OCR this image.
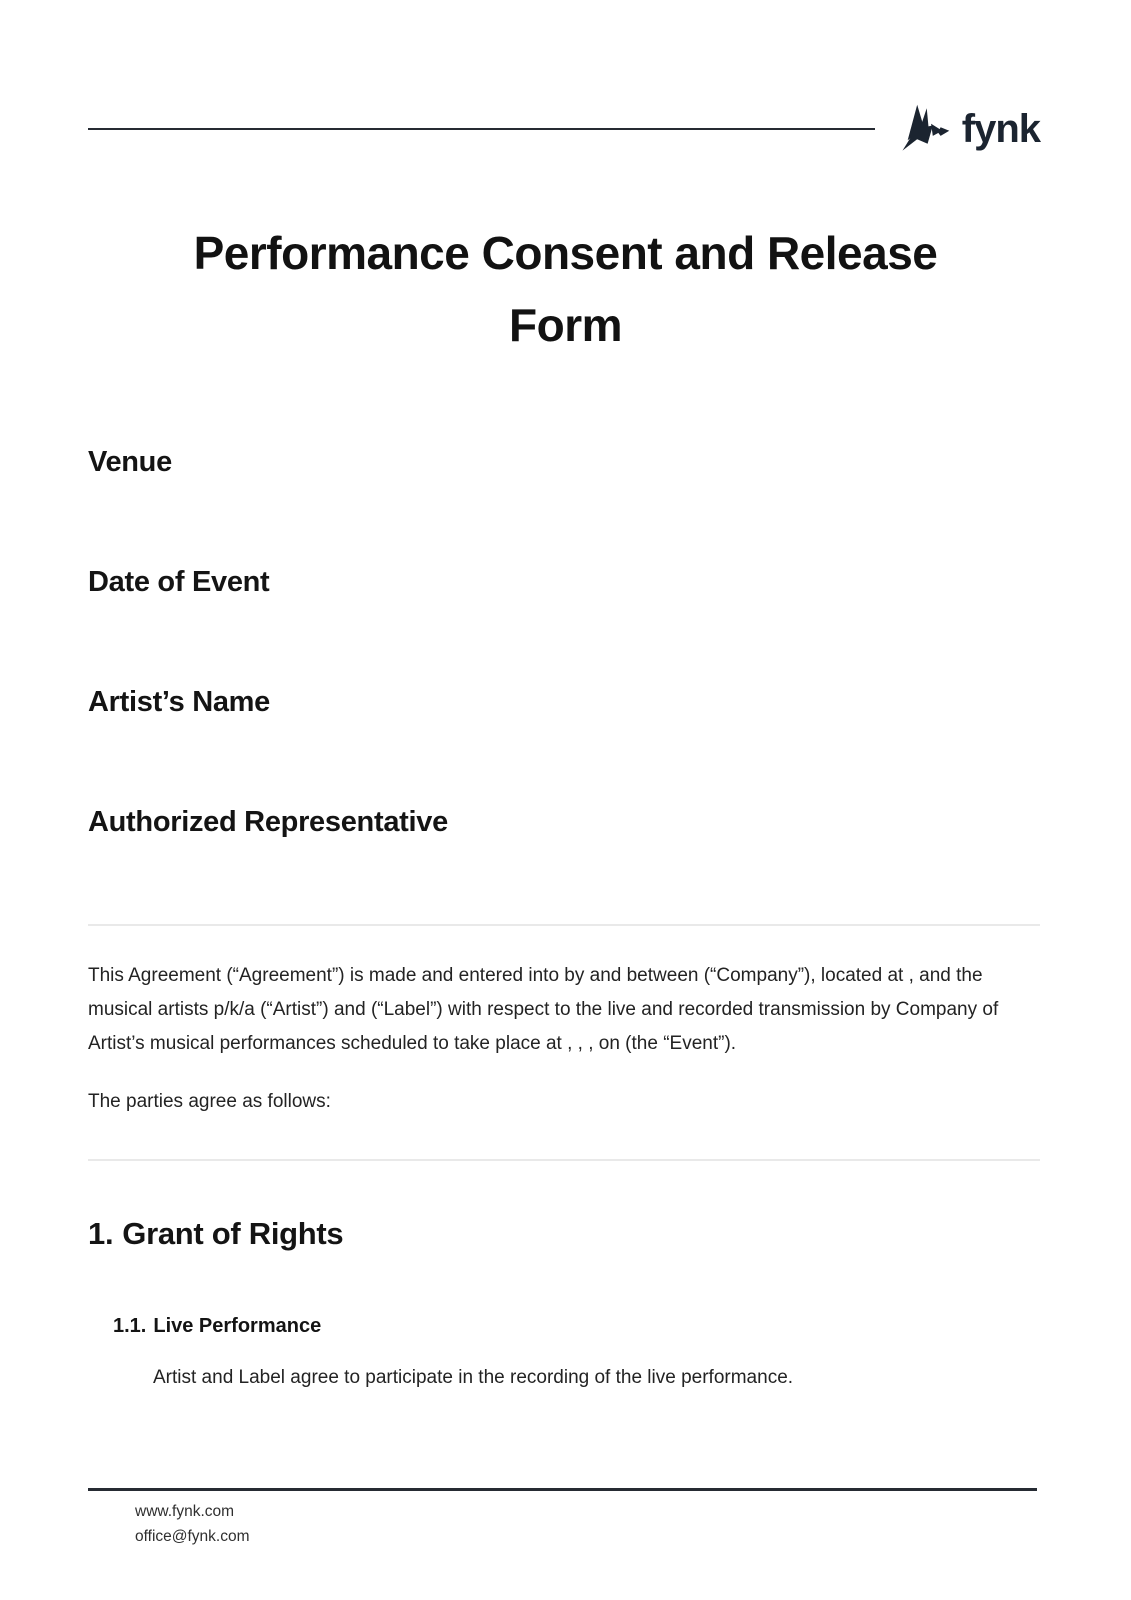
fynk
Performance Consent and Release Form
Venue
Date of Event
Artist’s Name
Authorized Representative

This Agreement (“Agreement”) is made and entered into by and between (“Company”), located at , and the musical artists p/k/a (“Artist”) and (“Label”) with respect to the live and recorded transmission by Company of Artist’s musical performances scheduled to take place at , , , on (the “Event”).

The parties agree as follows:

1. Grant of Rights
1.1. Live Performance

Artist and Label agree to participate in the recording of the live performance.

www.fynk.com
office@fynk.com
